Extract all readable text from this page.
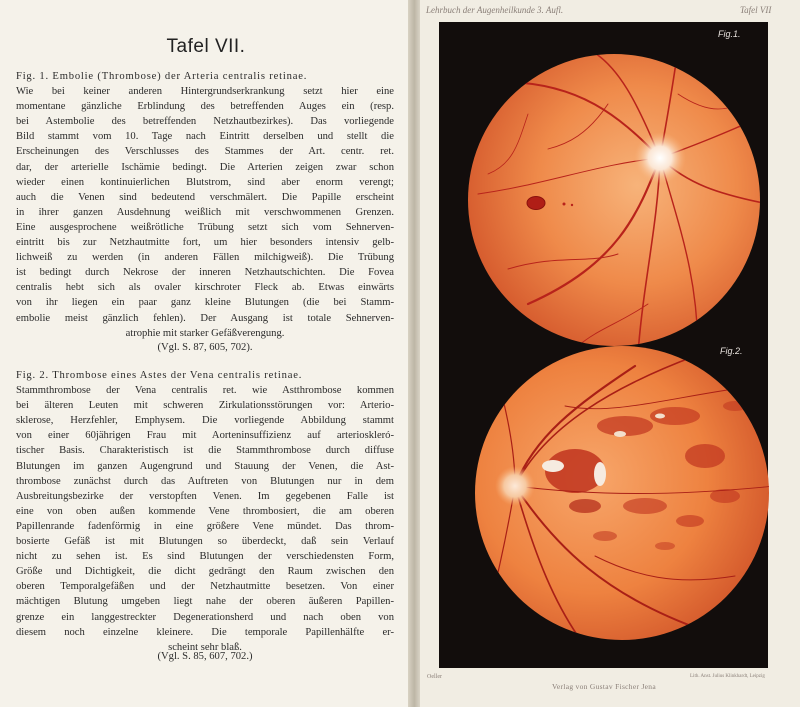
Tafel VII.
Fig. 1. Embolie (Thrombose) der Arteria centralis retinae.
Wie bei keiner anderen Hintergrundserkrankung setzt hier eine
momentane gänzliche Erblindung des betreffenden Auges ein (resp.
bei Astembolie des betreffenden Netzhautbezirkes). Das vorliegende
Bild stammt vom 10. Tage nach Eintritt derselben und stellt die
Erscheinungen des Verschlusses des Stammes der Art. centr. ret.
dar, der arterielle Ischämie bedingt. Die Arterien zeigen zwar schon
wieder einen kontinuierlichen Blutstrom, sind aber enorm verengt;
auch die Venen sind bedeutend verschmälert. Die Papille erscheint
in ihrer ganzen Ausdehnung weißlich mit verschwommenen Grenzen.
Eine ausgesprochene weißrötliche Trübung setzt sich vom Sehnerven-
eintritt bis zur Netzhautmitte fort, um hier besonders intensiv gelb-
lichweiß zu werden (in anderen Fällen milchigweiß). Die Trübung
ist bedingt durch Nekrose der inneren Netzhautschichten. Die Fovea
centralis hebt sich als ovaler kirschroter Fleck ab. Etwas einwärts
von ihr liegen ein paar ganz kleine Blutungen (die bei Stamm-
embolie meist gänzlich fehlen). Der Ausgang ist totale Sehnerven-
atrophie mit starker Gefäßverengung.
(Vgl. S. 87, 605, 702).
Fig. 2. Thrombose eines Astes der Vena centralis retinae.
Stammthrombose der Vena centralis ret. wie Astthrombose kommen
bei älteren Leuten mit schweren Zirkulationsstörungen vor: Arterio-
sklerose, Herzfehler, Emphysem. Die vorliegende Abbildung stammt
von einer 60jährigen Frau mit Aorteninsuffizienz auf arterioskleró-
tischer Basis. Charakteristisch ist die Stammthrombose durch diffuse
Blutungen im ganzen Augengrund und Stauung der Venen, die Ast-
thrombose zunächst durch das Auftreten von Blutungen nur in dem
Ausbreitungsbezirke der verstopften Venen. Im gegebenen Falle ist
eine von oben außen kommende Vene thrombosiert, die am oberen
Papillenrande fadenförmig in eine größere Vene mündet. Das throm-
bosierte Gefäß ist mit Blutungen so überdeckt, daß sein Verlauf
nicht zu sehen ist. Es sind Blutungen der verschiedensten Form,
Größe und Dichtigkeit, die dicht gedrängt den Raum zwischen den
oberen Temporalgefäßen und der Netzhautmitte besetzen. Von einer
mächtigen Blutung umgeben liegt nahe der oberen äußeren Papillen-
grenze ein langgestreckter Degenerationsherd und nach oben von
diesem noch einzelne kleinere. Die temporale Papillenhälfte er-
scheint sehr blaß.
(Vgl. S. 85, 607, 702.)
Lehrbuch der Augenheilkunde 3. Aufl.	Tafel VII
Fig.1.
Fig.2.
Oeller
Verlag von Gustav Fischer Jena
Lith. Anst. Julius Klinkhardt, Leipzig
